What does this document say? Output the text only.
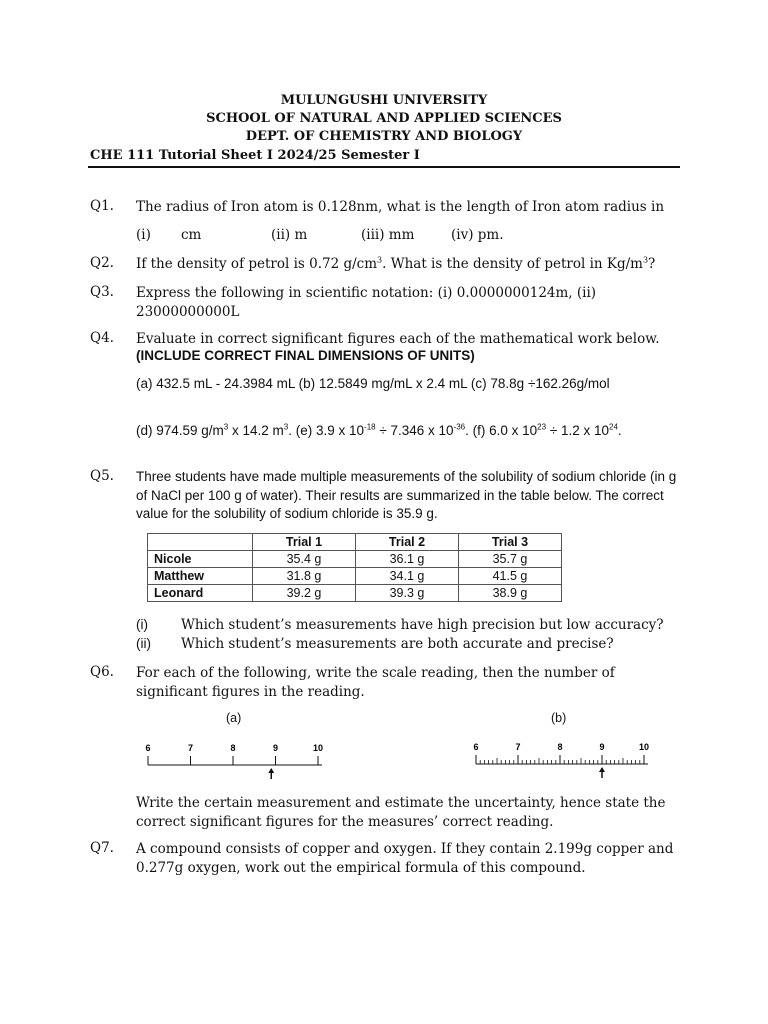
MULUNGUSHI UNIVERSITY
SCHOOL OF NATURAL AND APPLIED SCIENCES
DEPT. OF CHEMISTRY AND BIOLOGY
CHE 111 Tutorial Sheet I 2024/25 Semester I
Q1. The radius of Iron atom is 0.128nm, what is the length of Iron atom radius in
(i) cm	(ii) m	(iii) mm	(iv) pm.
Q2. If the density of petrol is 0.72 $g/cm^3$. What is the density of petrol in $Kg/m^3$?
Q3. Express the following in scientific notation: (i) 0.0000000124m, (ii) 23000000000L
Q4. Evaluate in correct significant figures each of the mathematical work below.
(INCLUDE CORRECT FINAL DIMENSIONS OF UNITS)
(a) 432.5 mL - 24.3984 mL (b) 12.5849 mg/mL x 2.4 mL (c) 78.8g ÷162.26g/mol
(d) 974.59 $g/m^3$ x 14.2 $m^3$. (e) 3.9 x $10^{-18} \div 7.346$ x $10^{-36}$. (f) 6.0 x $10^{23} \div 1.2$ x $10^{24}$.
Q5. Three students have made multiple measurements of the solubility of sodium chloride (in g of NaCl per 100 g of water). Their results are summarized in the table below. The correct value for the solubility of sodium chloride is 35.9 g.
	Trial 1	Trial 2	Trial 3
Nicole	35.4 g	36.1 g	35.7 g
Matthew	31.8 g	34.1 g	41.5 g
Leonard	39.2 g	39.3 g	38.9 g
(i) Which student’s measurements have high precision but low accuracy?
(ii) Which student’s measurements are both accurate and precise?
Q6. For each of the following, write the scale reading, then the number of significant figures in the reading.
(a)	(b)
6	7	8	9	10	6	7	8	9	10
Write the certain measurement and estimate the uncertainty, hence state the correct significant figures for the measures’ correct reading.
Q7. A compound consists of copper and oxygen. If they contain 2.199g copper and 0.277g oxygen, work out the empirical formula of this compound.
